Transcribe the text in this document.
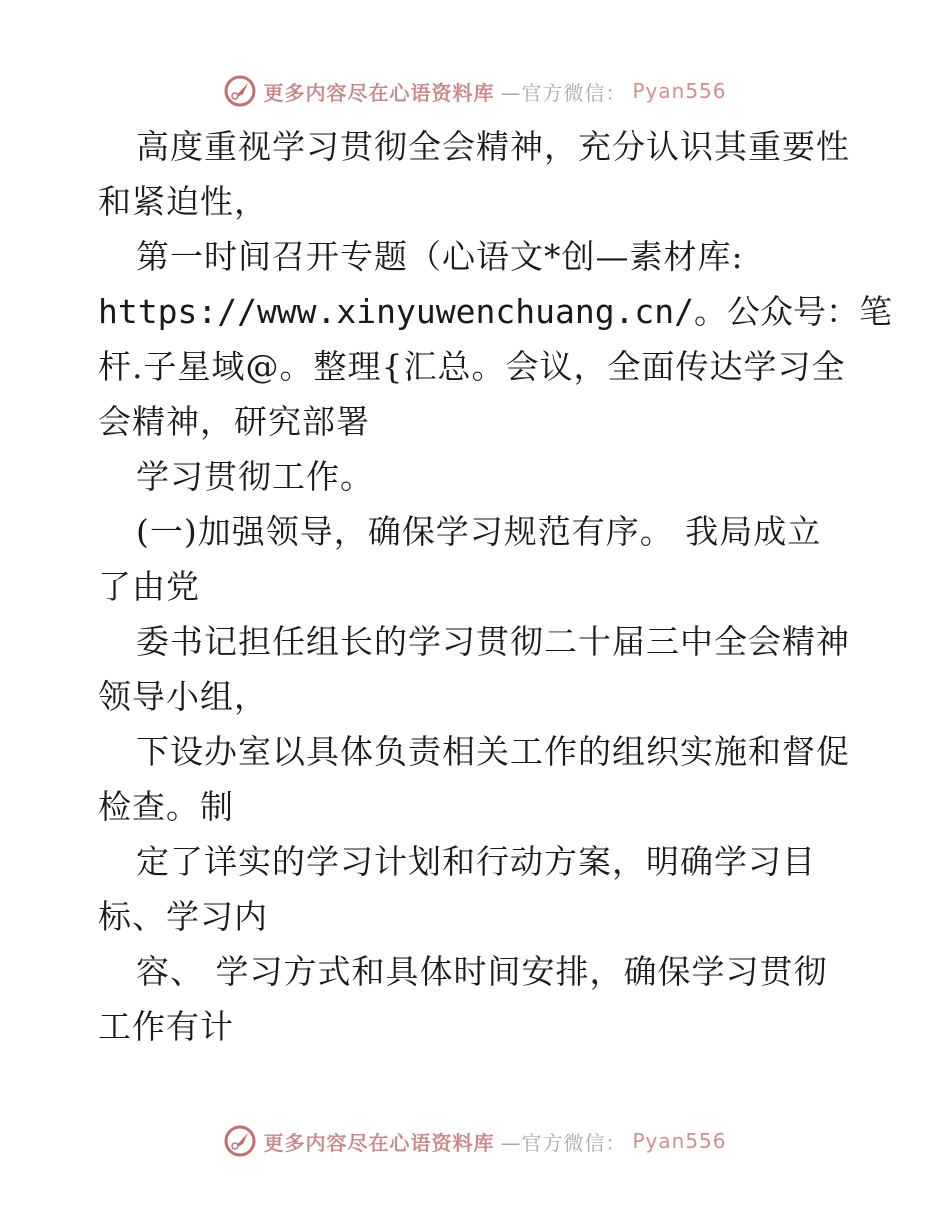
更多内容尽在心语资料库 —官方微信： Pyan556
高度重视学习贯彻全会精神，充分认识其重要性
和紧迫性，
第一时间召开专题（心语文*创—素材库:
https://www.xinyuwenchuang.cn/。公众号：笔
杆.子星域@。整理{汇总。会议，全面传达学习全
会精神，研究部署
学习贯彻工作。
(一)加强领导，确保学习规范有序。 我局成立
了由党
委书记担任组长的学习贯彻二十届三中全会精神
领导小组，
下设办室以具体负责相关工作的组织实施和督促
检查。制
定了详实的学习计划和行动方案，明确学习目
标、学习内
容、 学习方式和具体时间安排，确保学习贯彻
工作有计
更多内容尽在心语资料库 —官方微信： Pyan556
